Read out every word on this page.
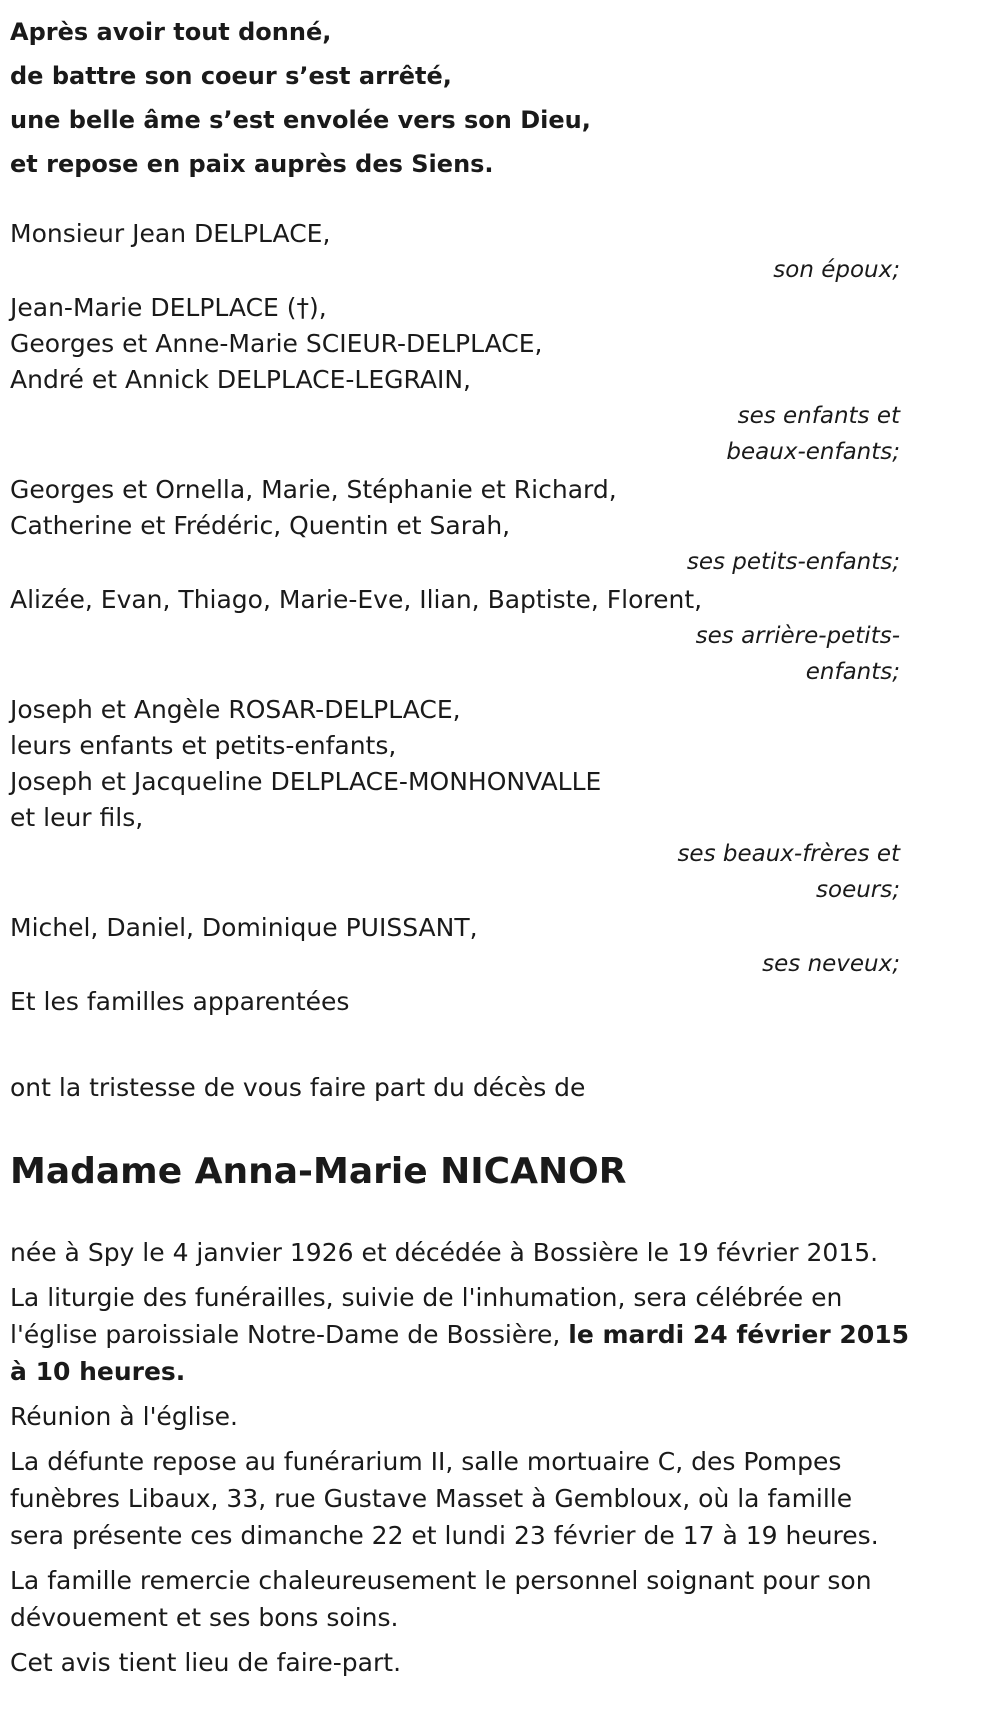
Après avoir tout donné,

de battre son coeur s’est arrêté,

une belle âme s’est envolée vers son Dieu,

et repose en paix auprès des Siens.

Monsieur Jean DELPLACE,

son époux;

Jean-Marie DELPLACE (†),

Georges et Anne-Marie SCIEUR-DELPLACE,

André et Annick DELPLACE-LEGRAIN,

ses enfants et
beaux-enfants;

Georges et Ornella, Marie, Stéphanie et Richard,

Catherine et Frédéric, Quentin et Sarah,

ses petits-enfants;

Alizée, Evan, Thiago, Marie-Eve, Ilian, Baptiste, Florent,

ses arrière-petits-
enfants;

Joseph et Angèle ROSAR-DELPLACE,

leurs enfants et petits-enfants,

Joseph et Jacqueline DELPLACE-MONHONVALLE

et leur fils,

ses beaux-frères et
soeurs;

Michel, Daniel, Dominique PUISSANT,

ses neveux;

Et les familles apparentées

ont la tristesse de vous faire part du décès de

Madame Anna-Marie NICANOR

née à Spy le 4 janvier 1926 et décédée à Bossière le 19 février 2015.

La liturgie des funérailles, suivie de l'inhumation, sera célébrée en l'église paroissiale Notre-Dame de Bossière, le mardi 24 février 2015 à 10 heures.

Réunion à l'église.

La défunte repose au funérarium II, salle mortuaire C, des Pompes funèbres Libaux, 33, rue Gustave Masset à Gembloux, où la famille sera présente ces dimanche 22 et lundi 23 février de 17 à 19 heures.

La famille remercie chaleureusement le personnel soignant pour son dévouement et ses bons soins.

Cet avis tient lieu de faire-part.
